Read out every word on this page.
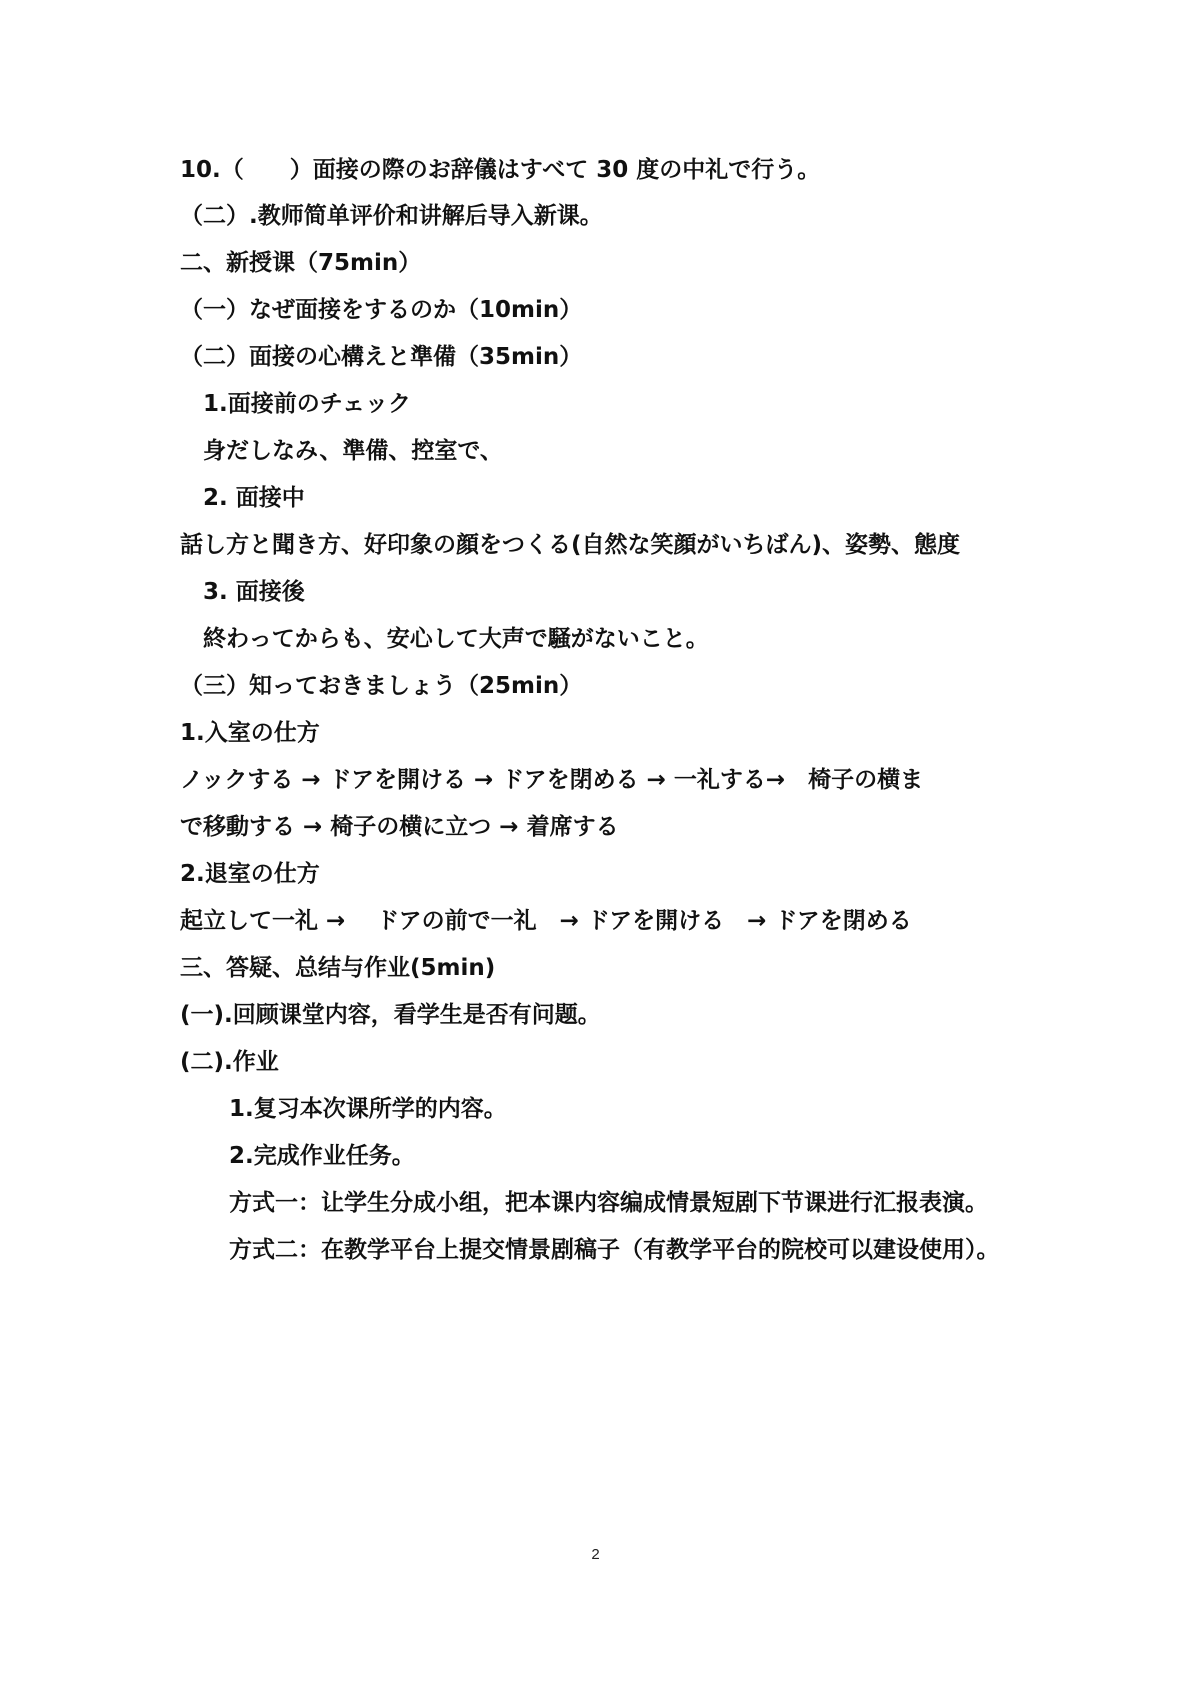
10.（　　）面接の際のお辞儀はすべて 30 度の中礼で行う。
（二）.教师简单评价和讲解后导入新课。
二、新授课（75min）
（一）なぜ面接をするのか（10min）
（二）面接の心構えと準備（35min）
1.面接前のチェック
身だしなみ、準備、控室で、
2. 面接中
話し方と聞き方、好印象の顔をつくる(自然な笑顔がいちばん)、姿勢、態度
3. 面接後
終わってからも、安心して大声で騒がないこと。
（三）知っておきましょう（25min）
1.入室の仕方
ノックする → ドアを開ける → ドアを閉める → 一礼する→　椅子の横ま
で移動する → 椅子の横に立つ → 着席する
2.退室の仕方
起立して一礼 →　 ドアの前で一礼　→ ドアを開ける　→ ドアを閉める
三、答疑、总结与作业(5min)
(一).回顾课堂内容，看学生是否有问题。
(二).作业
1.复习本次课所学的内容。
2.完成作业任务。
方式一：让学生分成小组，把本课内容编成情景短剧下节课进行汇报表演。
方式二：在教学平台上提交情景剧稿子（有教学平台的院校可以建设使用）。
2
